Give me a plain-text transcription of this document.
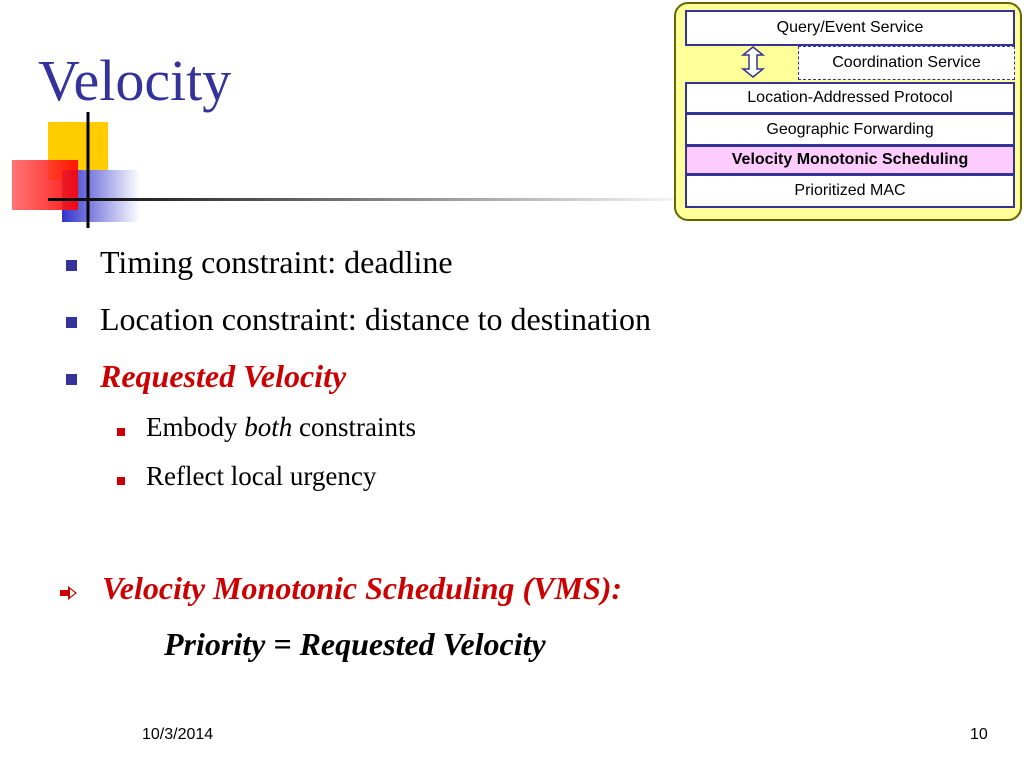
Velocity
Query/Event Service
Coordination Service
Location-Addressed Protocol
Geographic Forwarding
Velocity Monotonic Scheduling
Prioritized MAC
Timing constraint: deadline
Location constraint: distance to destination
Requested Velocity
Embody both constraints
Reflect local urgency
Velocity Monotonic Scheduling (VMS):
Priority = Requested Velocity
10/3/2014	10
